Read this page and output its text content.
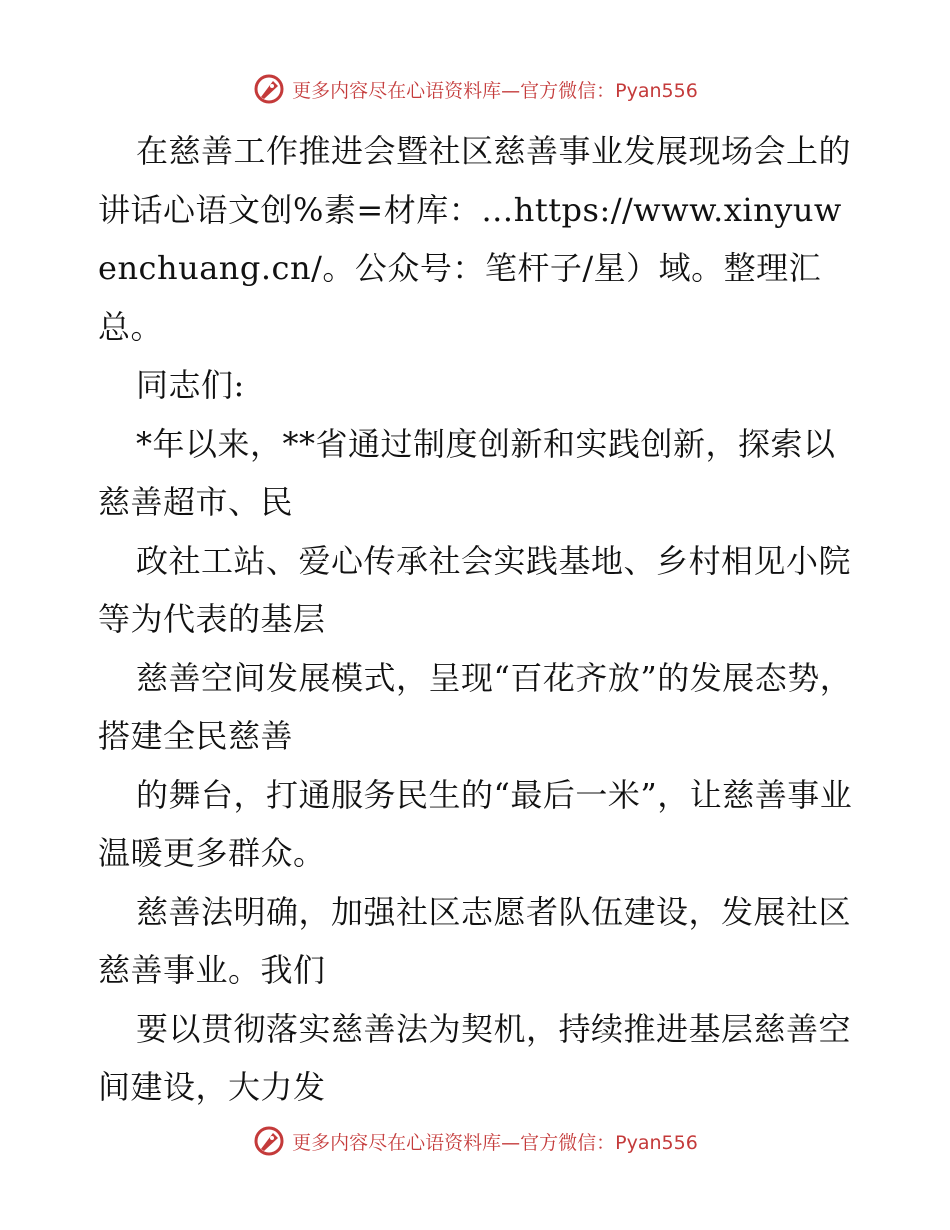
更多内容尽在心语资料库—官方微信：Pyan556

在慈善工作推进会暨社区慈善事业发展现场会上的讲话心语文创%素=材库：…https://www.xinyuwenchuang.cn/。公众号：笔杆子/星）域。整理汇总。

同志们:

*年以来，**省通过制度创新和实践创新，探索以慈善超市、民

政社工站、爱心传承社会实践基地、乡村相见小院等为代表的基层

慈善空间发展模式，呈现“百花齐放”的发展态势，搭建全民慈善

的舞台，打通服务民生的“最后一米”，让慈善事业温暖更多群众。

慈善法明确，加强社区志愿者队伍建设，发展社区慈善事业。我们

要以贯彻落实慈善法为契机，持续推进基层慈善空间建设，大力发

更多内容尽在心语资料库—官方微信：Pyan556
